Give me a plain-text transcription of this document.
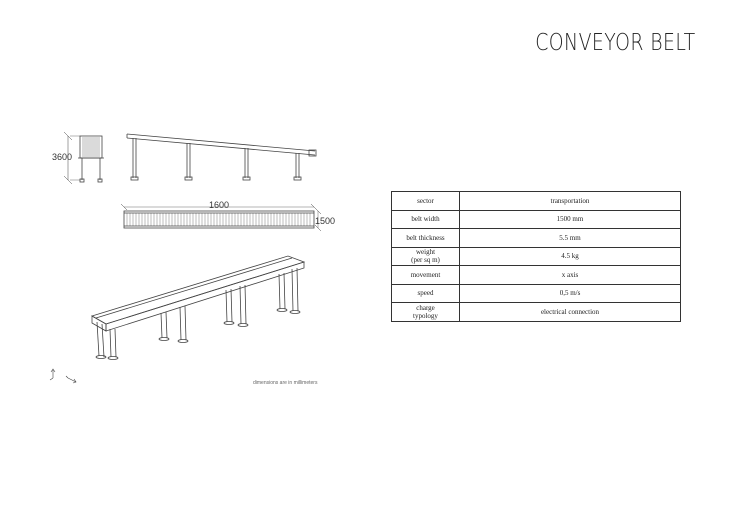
CONVEYOR BELT
3600
1600
1500
dimensions are in millimeters
sector	transportation
belt width	1500 mm
belt thickness	5.5 mm
weight
(per sq m)	4.5 kg
movement	x axis
speed	0,5 m/s
charge
typology	electrical connection
